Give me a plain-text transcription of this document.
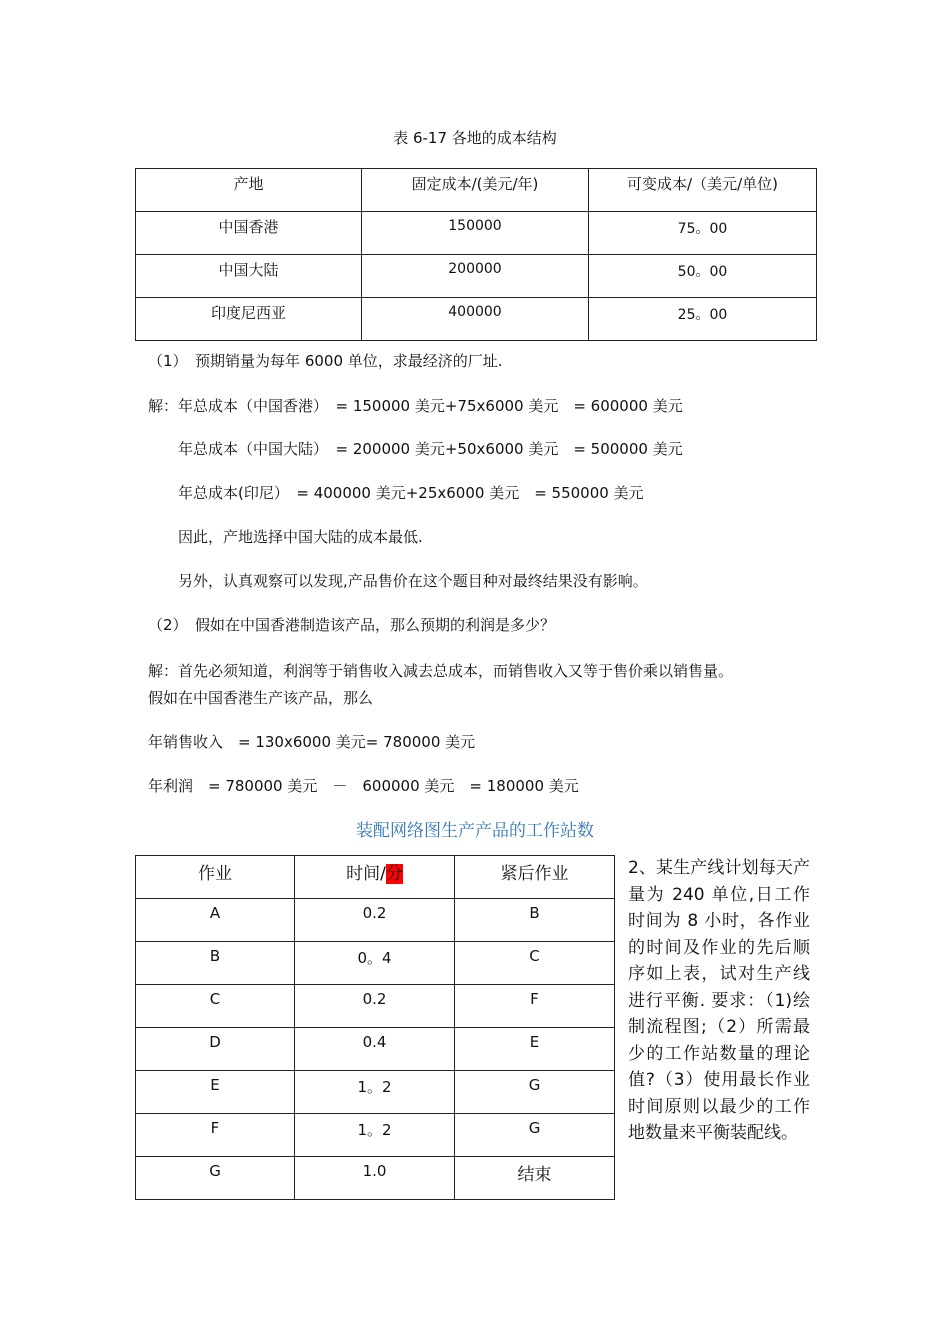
表 6-17 各地的成本结构
产地	固定成本/(美元/年)	可变成本/（美元/单位)
中国香港	150000	75。00
中国大陆	200000	50。00
印度尼西亚	400000	25。00
（1）　预期销量为每年 6000 单位，求最经济的厂址.
解：年总成本（中国香港）　= 150000 美元+75x6000 美元　= 600000 美元
年总成本（中国大陆）　= 200000 美元+50x6000 美元　= 500000 美元
年总成本(印尼）　= 400000 美元+25x6000 美元　= 550000 美元
因此，产地选择中国大陆的成本最低.
另外，认真观察可以发现,产品售价在这个题目种对最终结果没有影响。
（2）　假如在中国香港制造该产品，那么预期的利润是多少？
解：首先必须知道，利润等于销售收入减去总成本，而销售收入又等于售价乘以销售量。
假如在中国香港生产该产品，那么
年销售收入　= 130x6000 美元= 780000 美元
年利润　= 780000 美元　－　600000 美元　= 180000 美元
装配网络图生产产品的工作站数
作业	时间/分	紧后作业
A	0.2	B
B	0。4	C
C	0.2	F
D	0.4	E
E	1。2	G
F	1。2	G
G	1.0	结束
2、某生产线计划每天产量为 240 单位,日工作时间为 8 小时，各作业的时间及作业的先后顺序如上表，试对生产线进行平衡. 要求：（1)绘制流程图;（2）所需最少的工作站数量的理论值?（3）使用最长作业时间原则以最少的工作地数量来平衡装配线。
